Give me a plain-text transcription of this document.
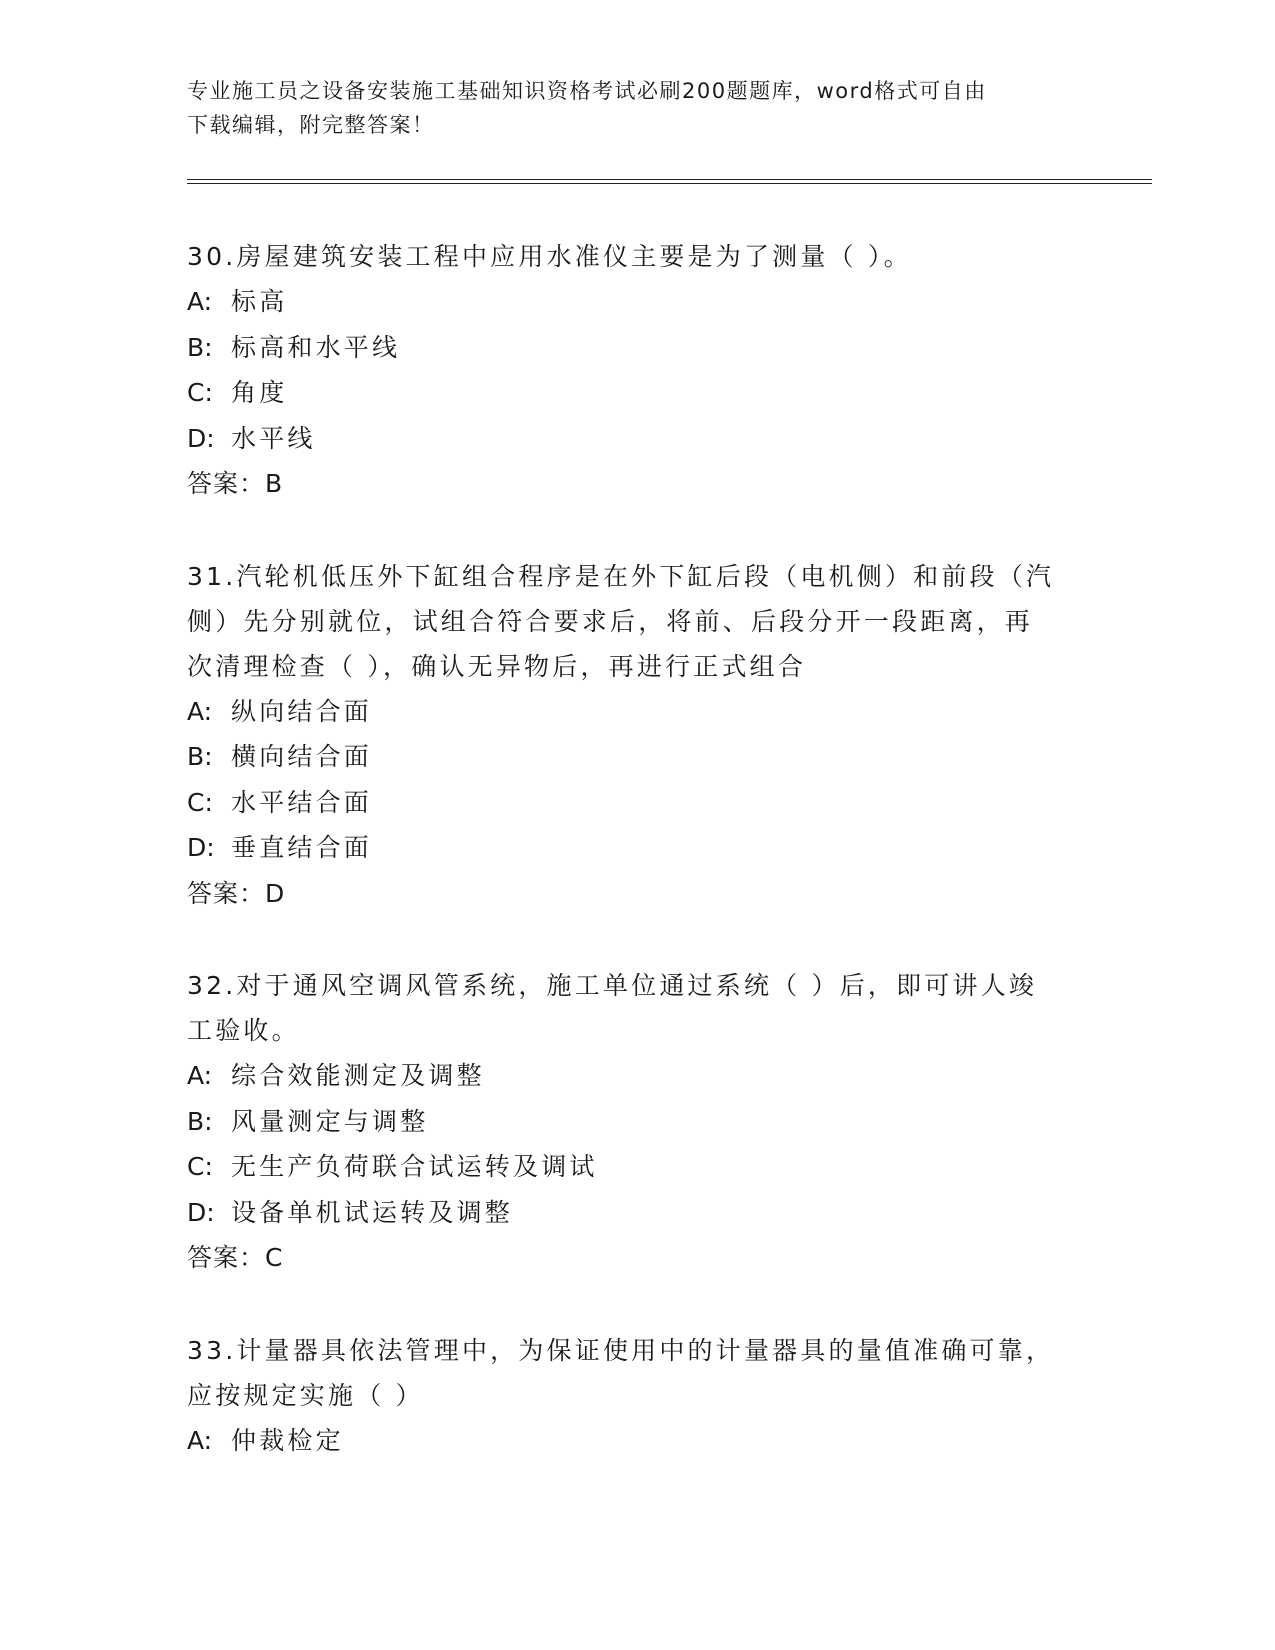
专业施工员之设备安装施工基础知识资格考试必刷200题题库，word格式可自由

下载编辑，附完整答案！

30.房屋建筑安装工程中应用水准仪主要是为了测量（ ）。

A: 标高

B: 标高和水平线

C: 角度

D: 水平线

答案：B

31.汽轮机低压外下缸组合程序是在外下缸后段（电机侧）和前段（汽

侧）先分别就位，试组合符合要求后，将前、后段分开一段距离，再

次清理检查（ ），确认无异物后，再进行正式组合

A: 纵向结合面

B: 横向结合面

C: 水平结合面

D: 垂直结合面

答案：D

32.对于通风空调风管系统，施工单位通过系统（ ）后，即可讲人竣

工验收。

A: 综合效能测定及调整

B: 风量测定与调整

C: 无生产负荷联合试运转及调试

D: 设备单机试运转及调整

答案：C

33.计量器具依法管理中，为保证使用中的计量器具的量值准确可靠，

应按规定实施（ ）

A: 仲裁检定
